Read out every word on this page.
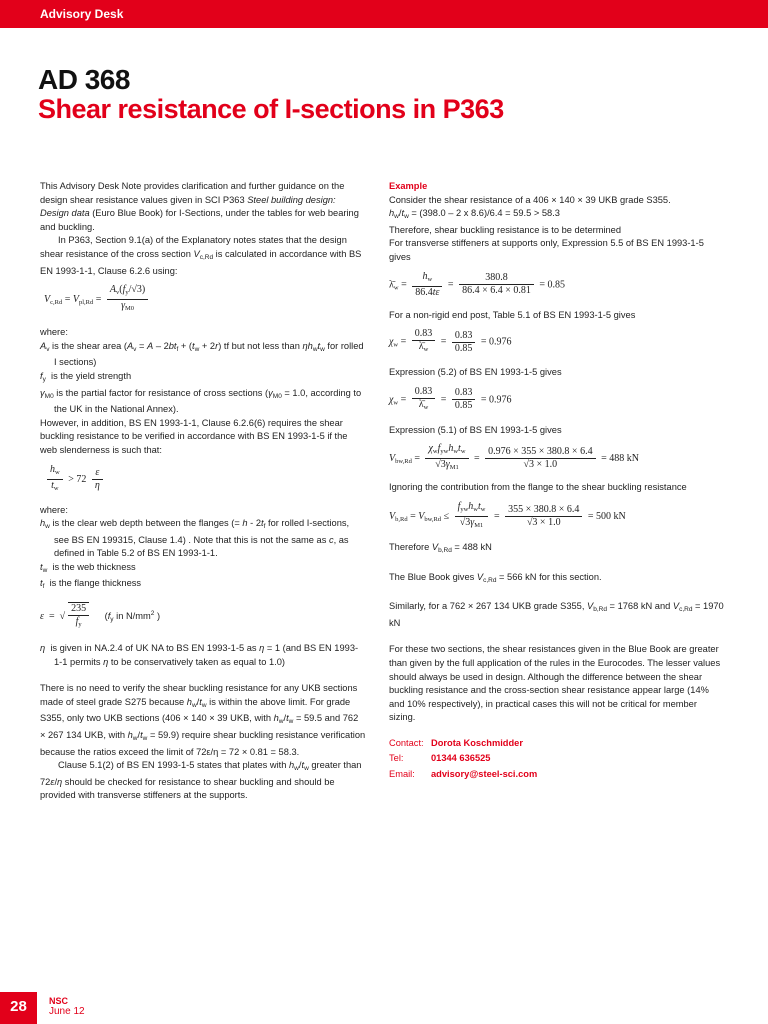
Advisory Desk
AD 368
Shear resistance of I-sections in P363

This Advisory Desk Note provides clarification and further guidance on the design shear resistance values given in SCI P363 Steel building design: Design data (Euro Blue Book) for I-Sections, under the tables for web bearing and buckling.

In P363, Section 9.1(a) of the Explanatory notes states that the design shear resistance of the cross section $V_{c,Rd}$ is calculated in accordance with BS EN 1993-1-1, Clause 6.2.6 using:

$V_{c,Rd} = V_{pl,Rd} = \frac{A_v(f_y/√3)}{\gamma_{M0}}$

where:

$A_v$ is the shear area ($A_v = A - 2bt_f + (t_w + 2r)$ tf but not less than $\eta h_wt_w$ for rolled I sections)

$f_y$  is the yield strength

$\gamma_{M0}$ is the partial factor for resistance of cross sections ($\gamma_{M0} = 1.0$, according to the UK in the National Annex).

However, in addition, BS EN 1993-1-1, Clause 6.2.6(6) requires the shear buckling resistance to be verified in accordance with BS EN 1993-1-5 if the web slenderness is such that:

$\frac{h_w}{t_w} > 72 \frac{\varepsilon}{\eta}$

where:

$h_w$ is the clear web depth between the flanges (= h - $2t_f$ for rolled I-sections, see BS EN 199315, Clause 1.4) . Note that this is not the same as c, as defined in Table 5.2 of BS EN 1993-1-1.

$t_w$  is the web thickness

$t_f$  is the flange thickness

ε  =  √ $\frac{235}{f_y} (f_y$ in $N/mm^2$ )

η  is given in NA.2.4 of UK NA to BS EN 1993-1-5 as η = 1 (and BS EN 1993-1-1 permits η to be conservatively taken as equal to 1.0)

There is no need to verify the shear buckling resistance for any UKB sections made of steel grade S275 because $h_w/t_w$ is within the above limit. For grade S355, only two UKB sections (406 × 140 × 39 UKB, with $h_w/t_w = 59.5$ and 762 × 267 134 UKB, with $h_w/t_w = 59.9$) require shear buckling resistance verification because the ratios exceed the limit of 72ε/η = 72 × 0.81 = 58.3.

Clause 5.1(2) of BS EN 1993-1-5 states that plates with $h_w/t_w$ greater than 72ε/η should be checked for resistance to shear buckling and should be provided with transverse stiffeners at the supports.

Example

Consider the shear resistance of a 406 × 140 × 39 UKB grade S355.

$h_w/t_w = (398.0 - 2$ x 8.6)/6.4 = 59.5 > 58.3

Therefore, shear buckling resistance is to be determined

For transverse stiffeners at supports only, Expression 5.5 of BS EN 1993-1-5 gives

$\lambdā_w = \frac{h_w}{86.4t\varepsilon} = \frac{380.8}{86.4 \times 6.4 \times 0.81} = 0.85$

For a non-rigid end post, Table 5.1 of BS EN 1993-1-5 gives

$\chi_w = \frac{0.83}{\lambdā_w} = \frac{0.83}{0.85} = 0.976$

Expression (5.2) of BS EN 1993-1-5 gives

$\chi_w = \frac{0.83}{\lambdā_w} = \frac{0.83}{0.85} = 0.976$

Expression (5.1) of BS EN 1993-1-5 gives

$V_{bw,Rd} = \frac{\chi_wf_{yw}h_wt_w}{√3\gamma_{M1}} = \frac{0.976 \times 355 \times 380.8 \times 6.4}{√3 \times 1.0} = 488$ kN

Ignoring the contribution from the flange to the shear buckling resistance

$V_{b,Rd} = V_{bw,Rd} \le \frac{f_{yw}h_wt_w}{√3\gamma_{M1}} = \frac{355 \times 380.8 \times 6.4}{√3 \times 1.0} = 500$ kN

Therefore $V_{b,Rd} = 488$ kN

The Blue Book gives $V_{c,Rd} = 566$ kN for this section.

Similarly, for a 762 × 267 134 UKB grade S355, $V_{b,Rd} = 1768$ kN and $V_{c,Rd} = 1970$ kN

For these two sections, the shear resistances given in the Blue Book are greater than given by the full application of the rules in the Eurocodes. The lesser values should always be used in design. Although the difference between the shear buckling resistance and the cross-section shear resistance appear large (14% and 10% respectively), in practical cases this will not be critical for member sizing.

Contact:	Dorota Koschmidder
Tel:	01344 636525
Email:	advisory@steel-sci.com
28	NSC
June 12
